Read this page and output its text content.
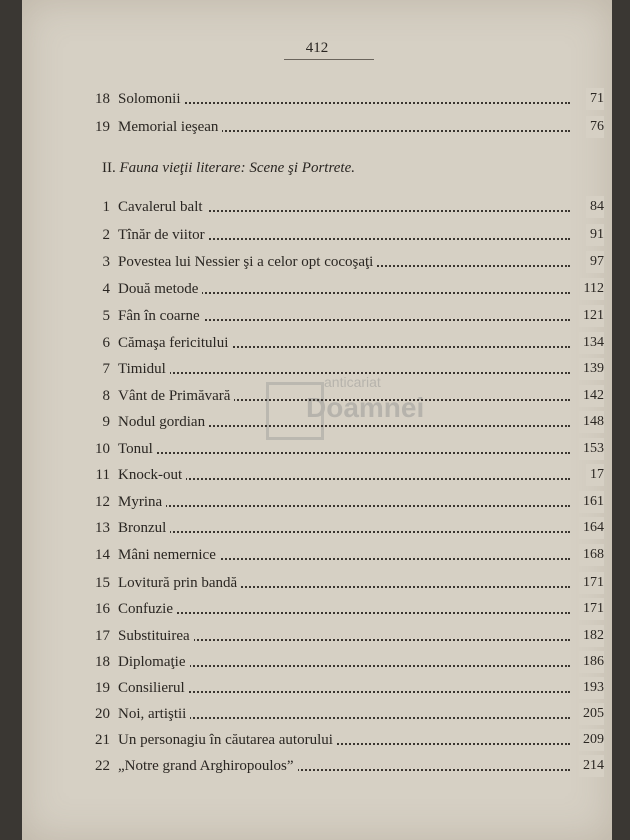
412
18 Solomonii	71
19 Memorial ieşean	76
II. Fauna vieţii literare: Scene şi Portrete.
1 Cavalerul balt	84
2 Tînăr de viitor	91
3 Povestea lui Nessier şi a celor opt cocoşaţi	97
4 Două metode	112
5 Fân în coarne	121
6 Cămaşa fericitului	134
7 Timidul	139
8 Vânt de Primăvară	142
9 Nodul gordian	148
10 Tonul	153
11 Knock-out	17
12 Myrina	161
13 Bronzul	164
14 Mâni nemernice	168
15 Lovitură prin bandă	171
16 Confuzie	171
17 Substituirea	182
18 Diplomaţie	186
19 Consilierul	193
20 Noi, artiştii	205
21 Un personagiu în căutarea autorului	209
22 „Notre grand Arghiropoulos”	214
anticariat
Doamnei
